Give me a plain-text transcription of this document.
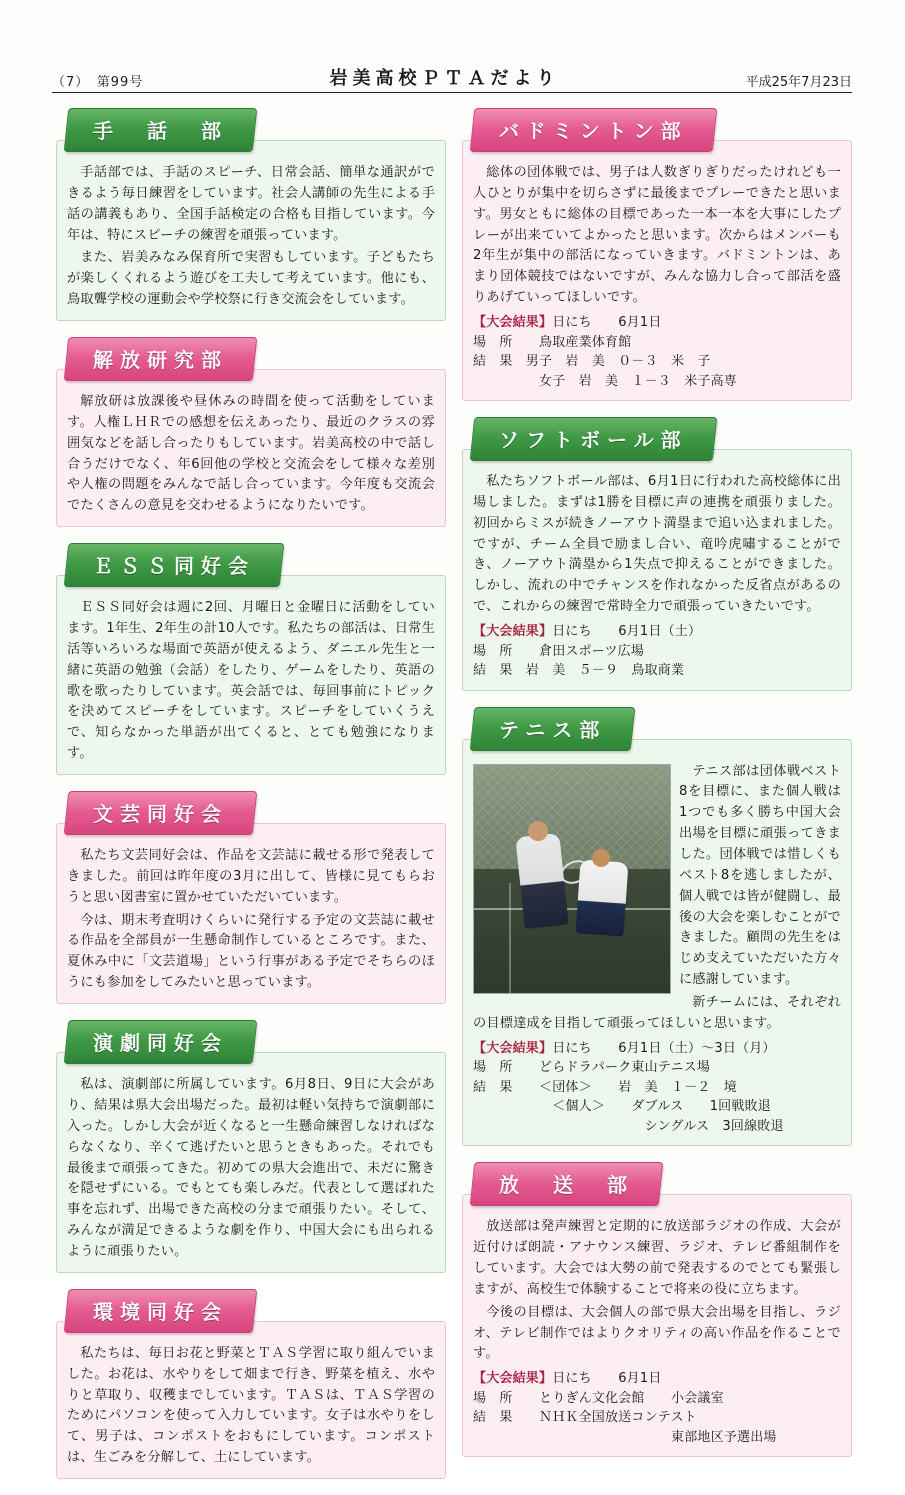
（7）　第99号	岩美高校ＰＴＡだより	平成25年7月23日
手　話　部

手話部では、手話のスピーチ、日常会話、簡単な通訳ができるよう毎日練習をしています。社会人講師の先生による手話の講義もあり、全国手話検定の合格も目指しています。今年は、特にスピーチの練習を頑張っています。

また、岩美みなみ保育所で実習もしています。子どもたちが楽しくくれるよう遊びを工夫して考えています。他にも、鳥取聾学校の運動会や学校祭に行き交流会をしています。

解放研究部

解放研は放課後や昼休みの時間を使って活動をしています。人権ＬＨＲでの感想を伝えあったり、最近のクラスの雰囲気などを話し合ったりもしています。岩美高校の中で話し合うだけでなく、年6回他の学校と交流会をして様々な差別や人権の問題をみんなで話し合っています。今年度も交流会でたくさんの意見を交わせるようになりたいです。

ＥＳＳ同好会

ＥＳＳ同好会は週に2回、月曜日と金曜日に活動をしています。1年生、2年生の計10人です。私たちの部活は、日常生活等いろいろな場面で英語が使えるよう、ダニエル先生と一緒に英語の勉強（会話）をしたり、ゲームをしたり、英語の歌を歌ったりしています。英会話では、毎回事前にトピックを決めてスピーチをしています。スピーチをしていくうえで、知らなかった単語が出てくると、とても勉強になります。

文芸同好会

私たち文芸同好会は、作品を文芸誌に載せる形で発表してきました。前回は昨年度の3月に出して、皆様に見てもらおうと思い図書室に置かせていただいています。

今は、期末考査明けくらいに発行する予定の文芸誌に載せる作品を全部員が一生懸命制作しているところです。また、夏休み中に「文芸道場」という行事がある予定でそちらのほうにも参加をしてみたいと思っています。

演劇同好会

私は、演劇部に所属しています。6月8日、9日に大会があり、結果は県大会出場だった。最初は軽い気持ちで演劇部に入った。しかし大会が近くなると一生懸命練習しなければならなくなり、辛くて逃げたいと思うときもあった。それでも最後まで頑張ってきた。初めての県大会進出で、未だに驚きを隠せずにいる。でもとても楽しみだ。代表として選ばれた事を忘れず、出場できた高校の分まで頑張りたい。そして、みんなが満足できるような劇を作り、中国大会にも出られるように頑張りたい。

環境同好会

私たちは、毎日お花と野菜とＴＡＳ学習に取り組んでいました。お花は、水やりをして畑まで行き、野菜を植え、水やりと草取り、収穫までしています。ＴＡＳは、ＴＡＳ学習のためにパソコンを使って入力しています。女子は水やりをして、男子は、コンポストをおもにしています。コンポストは、生ごみを分解して、土にしています。

バドミントン部

総体の団体戦では、男子は人数ぎりぎりだったけれども一人ひとりが集中を切らさずに最後までプレーできたと思います。男女ともに総体の目標であった一本一本を大事にしたプレーが出来ていてよかったと思います。次からはメンバーも2年生が集中の部活になっていきます。バドミントンは、あまり団体競技ではないですが、みんな協力し合って部活を盛りあげていってほしいです。

【大会結果】日にち　　6月1日
場　所　　鳥取産業体育館
結　果　男子　岩　美　０－３　米　子
　　　　　女子　岩　美　１－３　米子高専
ソフトボール部

私たちソフトボール部は、6月1日に行われた高校総体に出場しました。まずは1勝を目標に声の連携を頑張りました。初回からミスが続きノーアウト満塁まで追い込まれました。ですが、チーム全員で励まし合い、竜吟虎嘯することができ、ノーアウト満塁から1失点で抑えることができました。しかし、流れの中でチャンスを作れなかった反省点があるので、これからの練習で常時全力で頑張っていきたいです。

【大会結果】日にち　　6月1日（土）
場　所　　倉田スポーツ広場
結　果　岩　美　５－９　鳥取商業
テニス部

テニス部は団体戦ベスト8を目標に、また個人戦は1つでも多く勝ち中国大会出場を目標に頑張ってきました。団体戦では惜しくもベスト8を逃しましたが、個人戦では皆が健闘し、最後の大会を楽しむことができました。顧問の先生をはじめ支えていただいた方々に感謝しています。

新チームには、それぞれの目標達成を目指して頑張ってほしいと思います。

【大会結果】日にち　　6月1日（土）～3日（月）
場　所　　どらドラパーク東山テニス場
結　果　　＜団体＞　　岩　美　１－２　境
　　　　　　＜個人＞　　ダブルス　　1回戦敗退
　　　　　　　　　　　　　シングルス　3回線敗退
放　送　部

放送部は発声練習と定期的に放送部ラジオの作成、大会が近付けば朗読・アナウンス練習、ラジオ、テレビ番組制作をしています。大会では大勢の前で発表するのでとても緊張しますが、高校生で体験することで将来の役に立ちます。

今後の目標は、大会個人の部で県大会出場を目指し、ラジオ、テレビ制作ではよりクオリティの高い作品を作ることです。

【大会結果】日にち　　6月1日
場　所　　とりぎん文化会館　　小会議室
結　果　　ＮＨＫ全国放送コンテスト
　　　　　　　　　　　　　　　東部地区予選出場
